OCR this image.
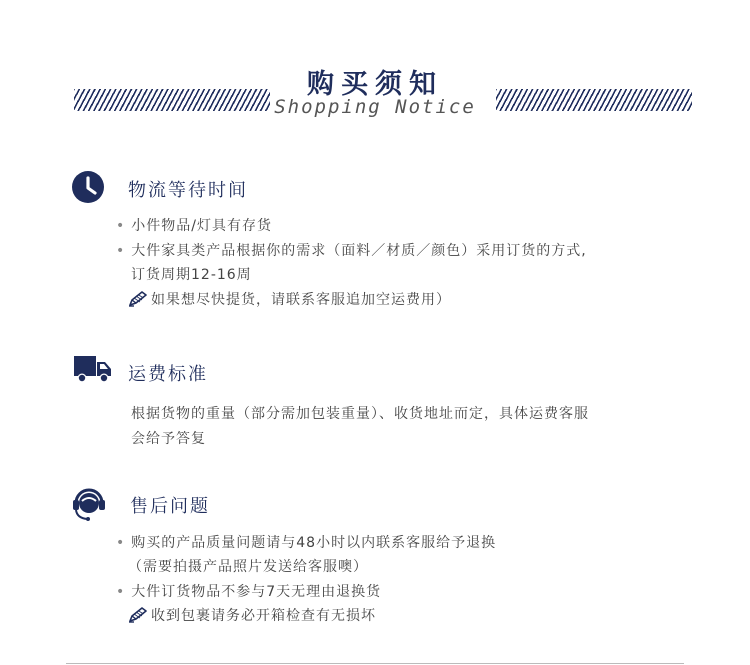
购买须知
Shopping Notice
物流等待时间
• 小件物品/灯具有存货
• 大件家具类产品根据你的需求（面料／材质／颜色）采用订货的方式,
订货周期12-16周
如果想尽快提货，请联系客服追加空运费用）
运费标准
根据货物的重量（部分需加包装重量）、收货地址而定，具体运费客服
会给予答复
售后问题
• 购买的产品质量问题请与48小时以内联系客服给予退换
（需要拍摄产品照片发送给客服噢）
• 大件订货物品不参与7天无理由退换货
收到包裹请务必开箱检查有无损坏
